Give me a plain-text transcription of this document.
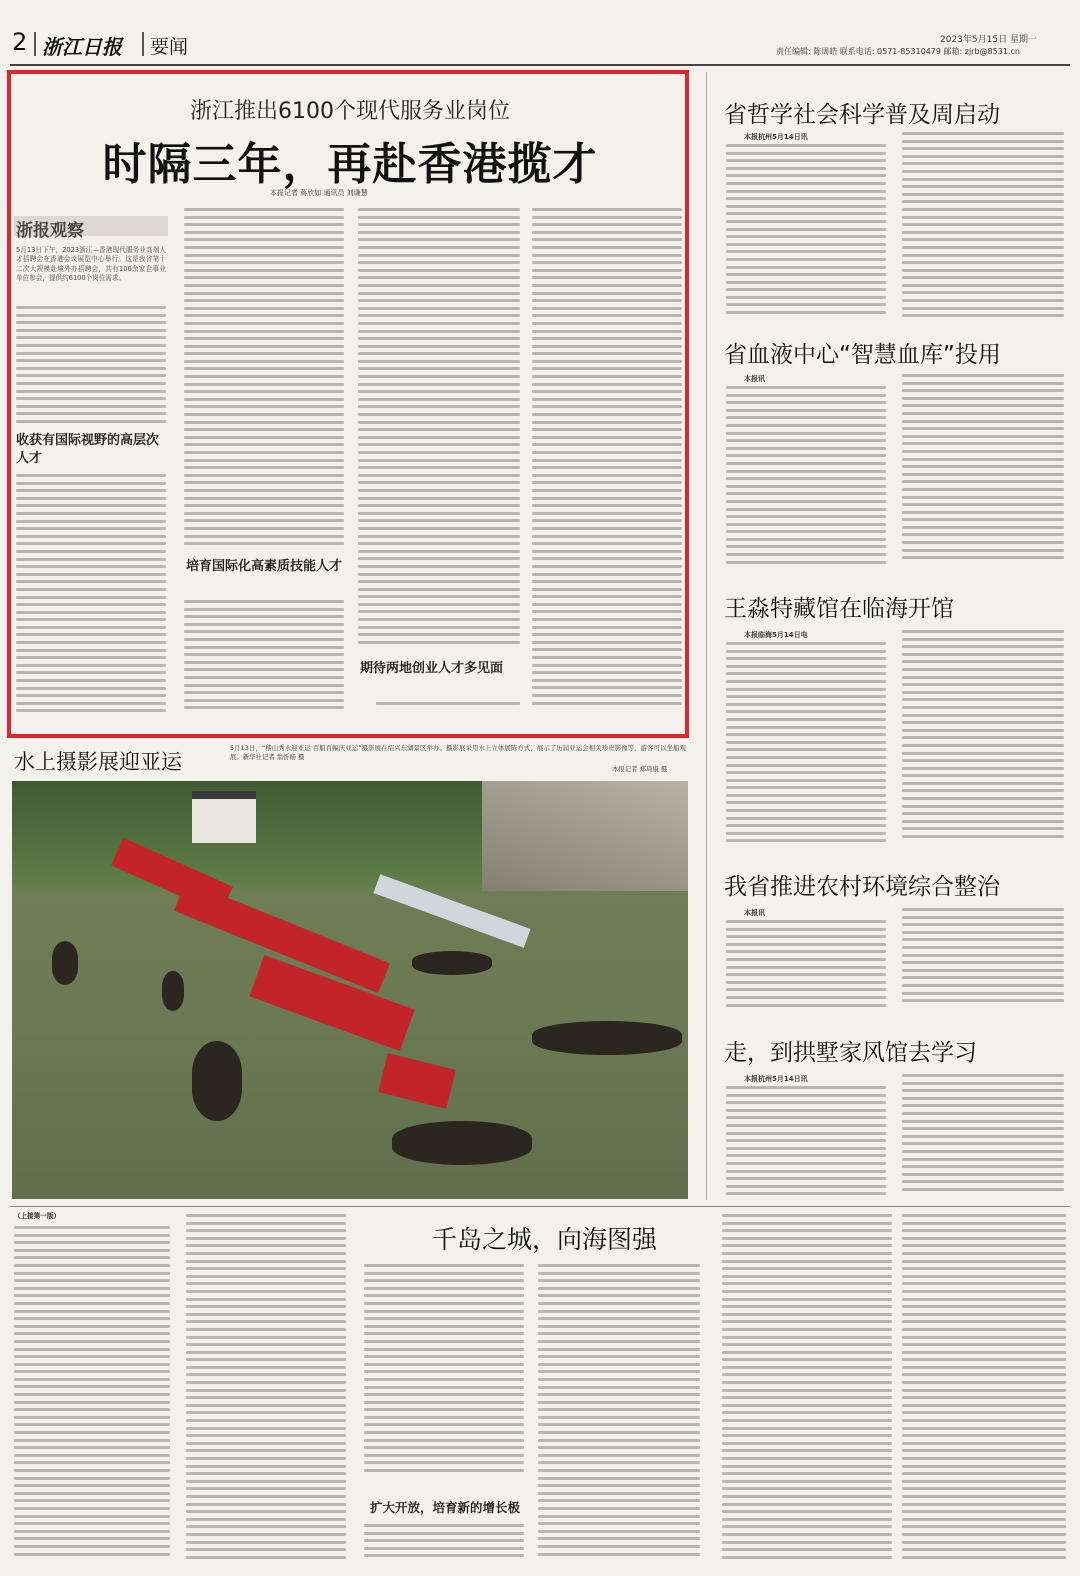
2 浙江日报 要闻	2023年5月15日 星期一
责任编辑: 陈周皓 联系电话: 0571-85310479 邮箱: zjrb@8531.cn
浙江推出6100个现代服务业岗位
时隔三年，再赴香港揽才
本报记者 蒋欣如 通讯员 刘谦慧
浙报观察
5月13日下午，2023浙江—香港现代服务业高端人才招聘会在香港会议展览中心举行。这是我省第十二次大规模赴境外办招聘会，共有100余家企事业单位参会，提供约6100个岗位需求。
收获有国际视野的高层次人才
培育国际化高素质技能人才
期待两地创业人才多见面
省哲学社会科学普及周启动
本报杭州5月14日讯
省血液中心“智慧血库”投用
本报讯
王淼特藏馆在临海开馆
本报临海5月14日电
我省推进农村环境综合整治
本报讯
走，到拱墅家风馆去学习
本报杭州5月14日讯
水上摄影展迎亚运
5月13日，“稽山秀水迎亚运 百船百幅庆亚运”摄影展在绍兴东湖景区举办。摄影展采用水上立体展陈方式，展示了历届亚运会相关珍贵影像等，游客可以坐船观展。新华社记者 翁忻旸 摄
本报记者 郑琦康 摄
（上接第一版）
千岛之城，向海图强
扩大开放，培育新的增长极
